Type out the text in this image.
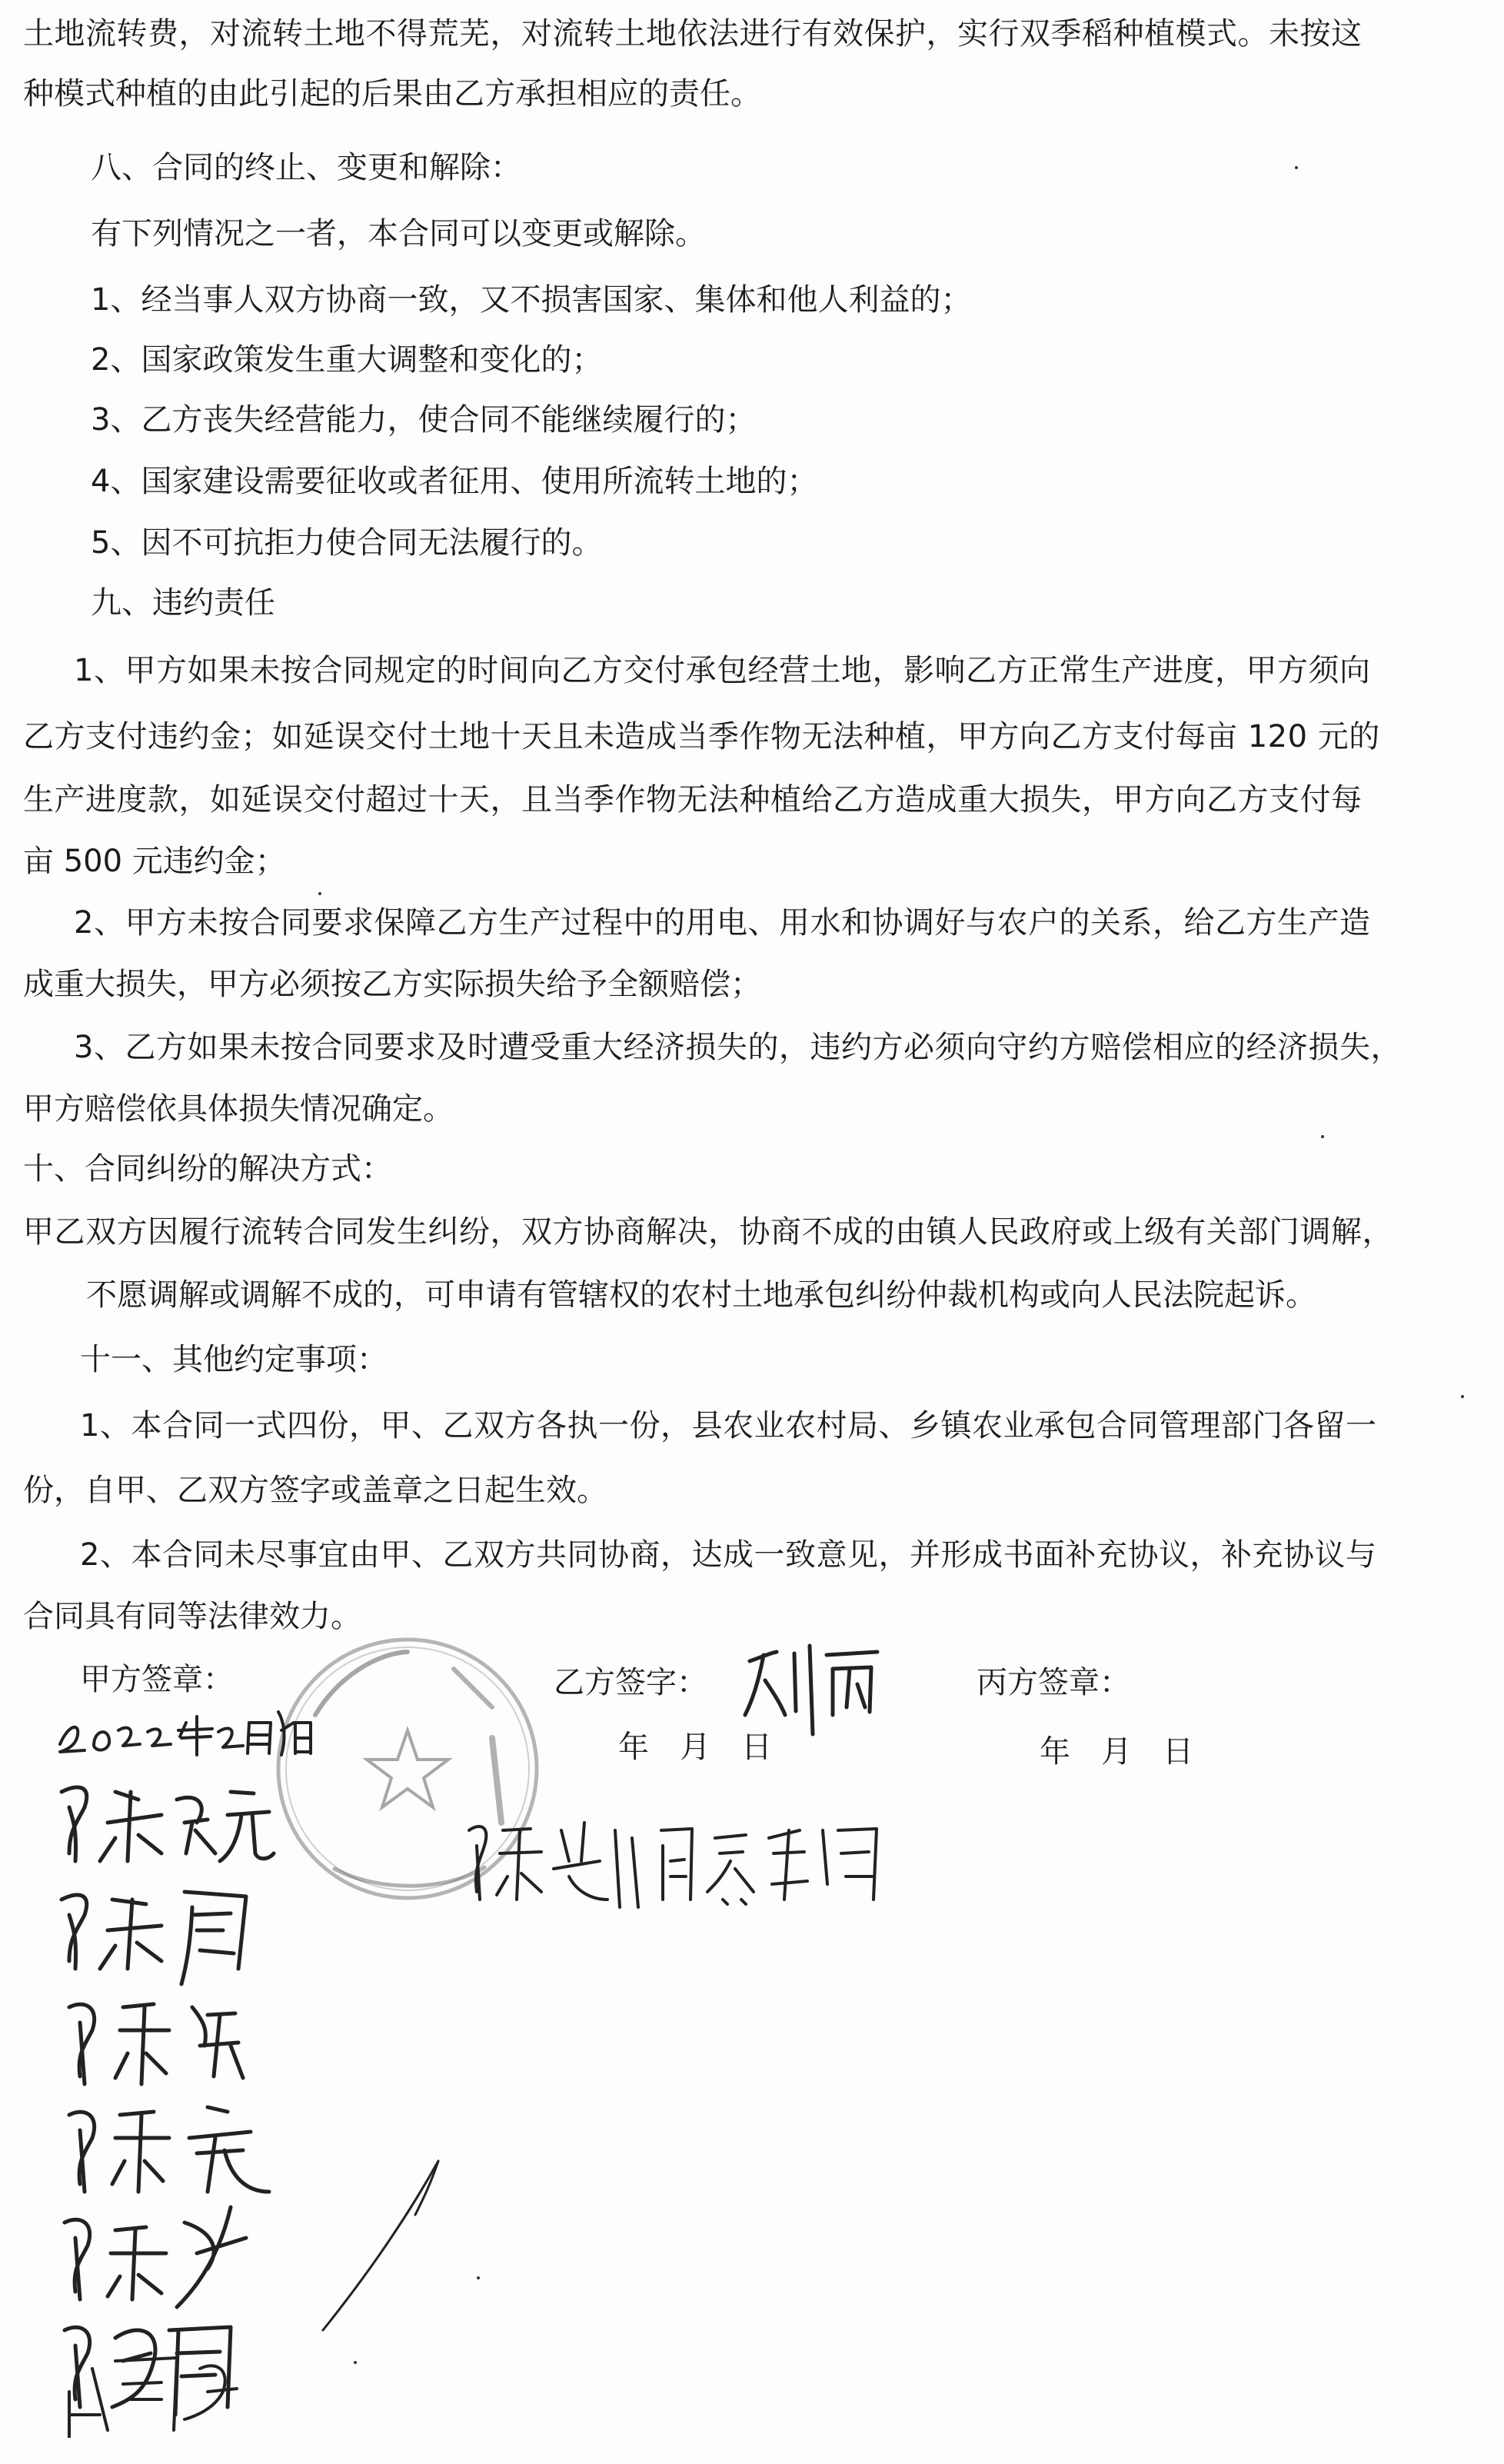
土地流转费，对流转土地不得荒芜，对流转土地依法进行有效保护，实行双季稻种植模式。未按这
种模式种植的由此引起的后果由乙方承担相应的责任。
八、合同的终止、变更和解除：
有下列情况之一者，本合同可以变更或解除。
1、经当事人双方协商一致，又不损害国家、集体和他人利益的；
2、国家政策发生重大调整和变化的；
3、乙方丧失经营能力，使合同不能继续履行的；
4、国家建设需要征收或者征用、使用所流转土地的；
5、因不可抗拒力使合同无法履行的。
九、违约责任
1、甲方如果未按合同规定的时间向乙方交付承包经营土地，影响乙方正常生产进度，甲方须向
乙方支付违约金；如延误交付土地十天且未造成当季作物无法种植，甲方向乙方支付每亩 120 元的
生产进度款，如延误交付超过十天，且当季作物无法种植给乙方造成重大损失，甲方向乙方支付每
亩 500 元违约金；
2、甲方未按合同要求保障乙方生产过程中的用电、用水和协调好与农户的关系，给乙方生产造
成重大损失，甲方必须按乙方实际损失给予全额赔偿；
3、乙方如果未按合同要求及时遭受重大经济损失的，违约方必须向守约方赔偿相应的经济损失，
甲方赔偿依具体损失情况确定。
十、合同纠纷的解决方式：
甲乙双方因履行流转合同发生纠纷，双方协商解决，协商不成的由镇人民政府或上级有关部门调解，
不愿调解或调解不成的，可申请有管辖权的农村土地承包纠纷仲裁机构或向人民法院起诉。
十一、其他约定事项：
1、本合同一式四份，甲、乙双方各执一份，县农业农村局、乡镇农业承包合同管理部门各留一
份，自甲、乙双方签字或盖章之日起生效。
2、本合同未尽事宜由甲、乙双方共同协商，达成一致意见，并形成书面补充协议，补充协议与
合同具有同等法律效力。
甲方签章：	乙方签字：	丙方签章：
年　月　日	年　月　日
